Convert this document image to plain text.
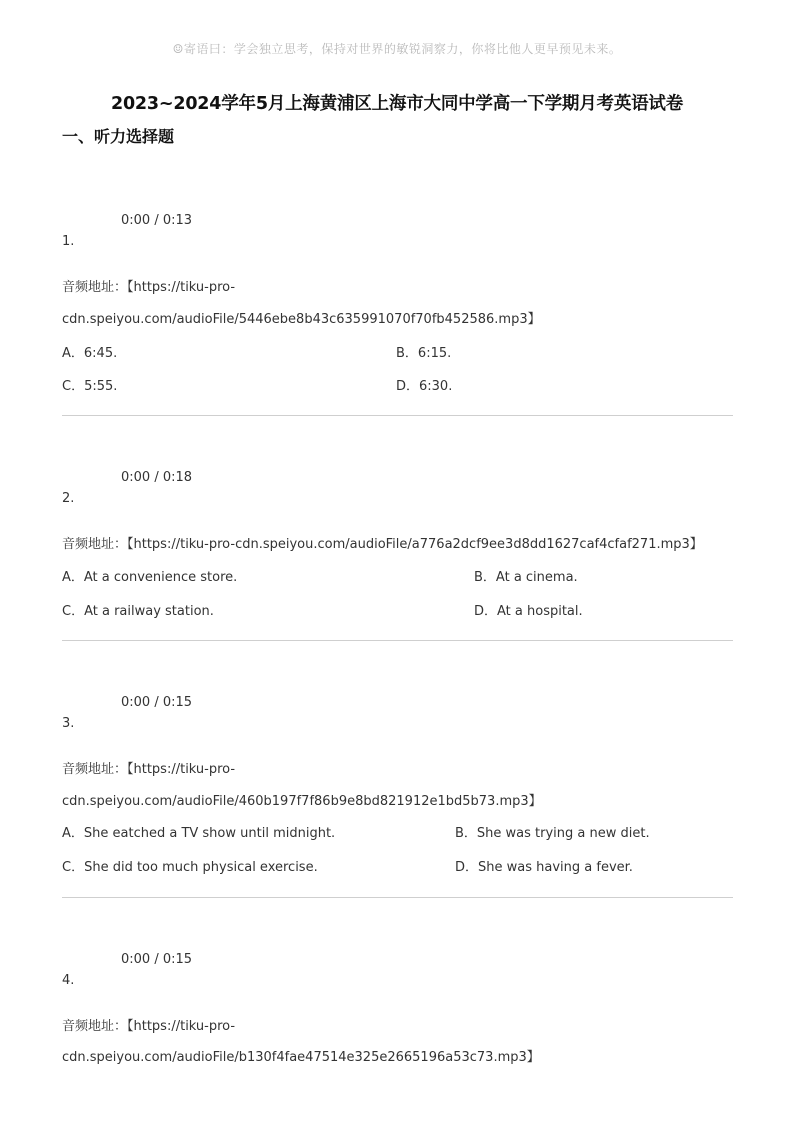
☺寄语曰：学会独立思考，保持对世界的敏锐洞察力，你将比他人更早预见未来。
2023~2024学年5月上海黄浦区上海市大同中学高一下学期月考英语试卷
一、听力选择题
0:00 / 0:13
1.
音频地址：【https://tiku-pro-
cdn.speiyou.com/audioFile/5446ebe8b43c635991070f70fb452586.mp3】
A．6:45.	B．6:15.
C．5:55.	D．6:30.
0:00 / 0:18
2.
音频地址：【https://tiku-pro-cdn.speiyou.com/audioFile/a776a2dcf9ee3d8dd1627caf4cfaf271.mp3】
A．At a convenience store.	B．At a cinema.
C．At a railway station.	D．At a hospital.
0:00 / 0:15
3.
音频地址：【https://tiku-pro-
cdn.speiyou.com/audioFile/460b197f7f86b9e8bd821912e1bd5b73.mp3】
A．She eatched a TV show until midnight.	B．She was trying a new diet.
C．She did too much physical exercise.	D．She was having a fever.
0:00 / 0:15
4.
音频地址：【https://tiku-pro-
cdn.speiyou.com/audioFile/b130f4fae47514e325e2665196a53c73.mp3】
